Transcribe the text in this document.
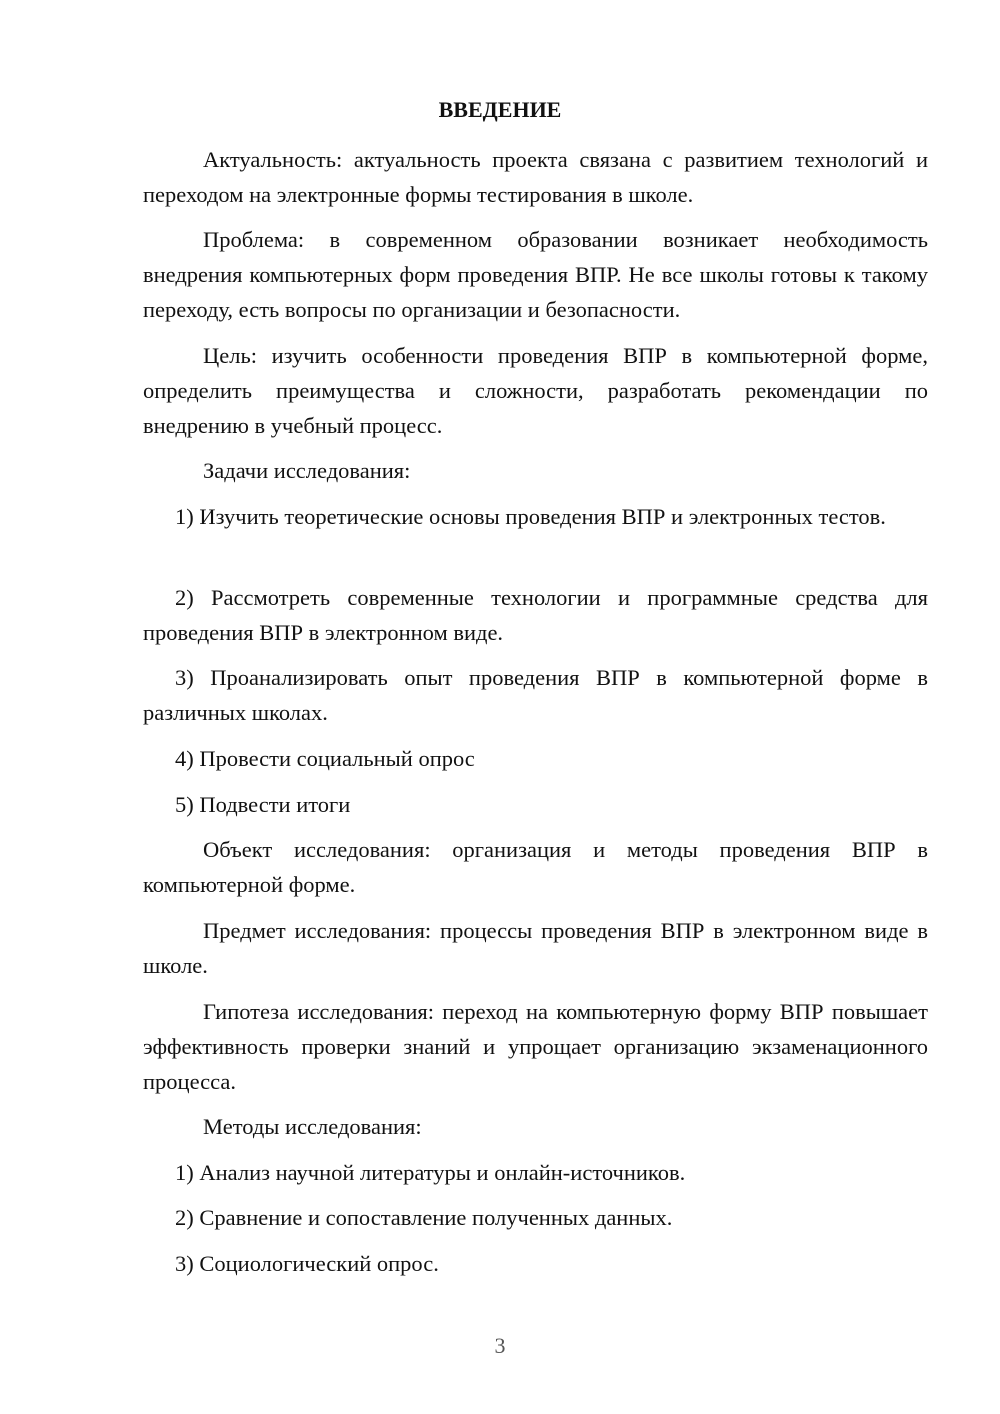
ВВЕДЕНИЕ

Актуальность: актуальность проекта связана с развитием технологий и переходом на электронные формы тестирования в школе.

Проблема: в современном образовании возникает необходимость внедрения компьютерных форм проведения ВПР. Не все школы готовы к такому переходу, есть вопросы по организации и безопасности.

Цель: изучить особенности проведения ВПР в компьютерной форме, определить преимущества и сложности, разработать рекомендации по внедрению в учебный процесс.

Задачи исследования:

1) Изучить теоретические основы проведения ВПР и электронных тестов.

2) Рассмотреть современные технологии и программные средства для проведения ВПР в электронном виде.

3) Проанализировать опыт проведения ВПР в компьютерной форме в различных школах.

4) Провести социальный опрос

5) Подвести итоги

Объект исследования: организация и методы проведения ВПР в компьютерной форме.

Предмет исследования: процессы проведения ВПР в электронном виде в школе.

Гипотеза исследования: переход на компьютерную форму ВПР повышает эффективность проверки знаний и упрощает организацию экзаменационного процесса.

Методы исследования:

1) Анализ научной литературы и онлайн-источников.

2) Сравнение и сопоставление полученных данных.

3) Социологический опрос.

3
